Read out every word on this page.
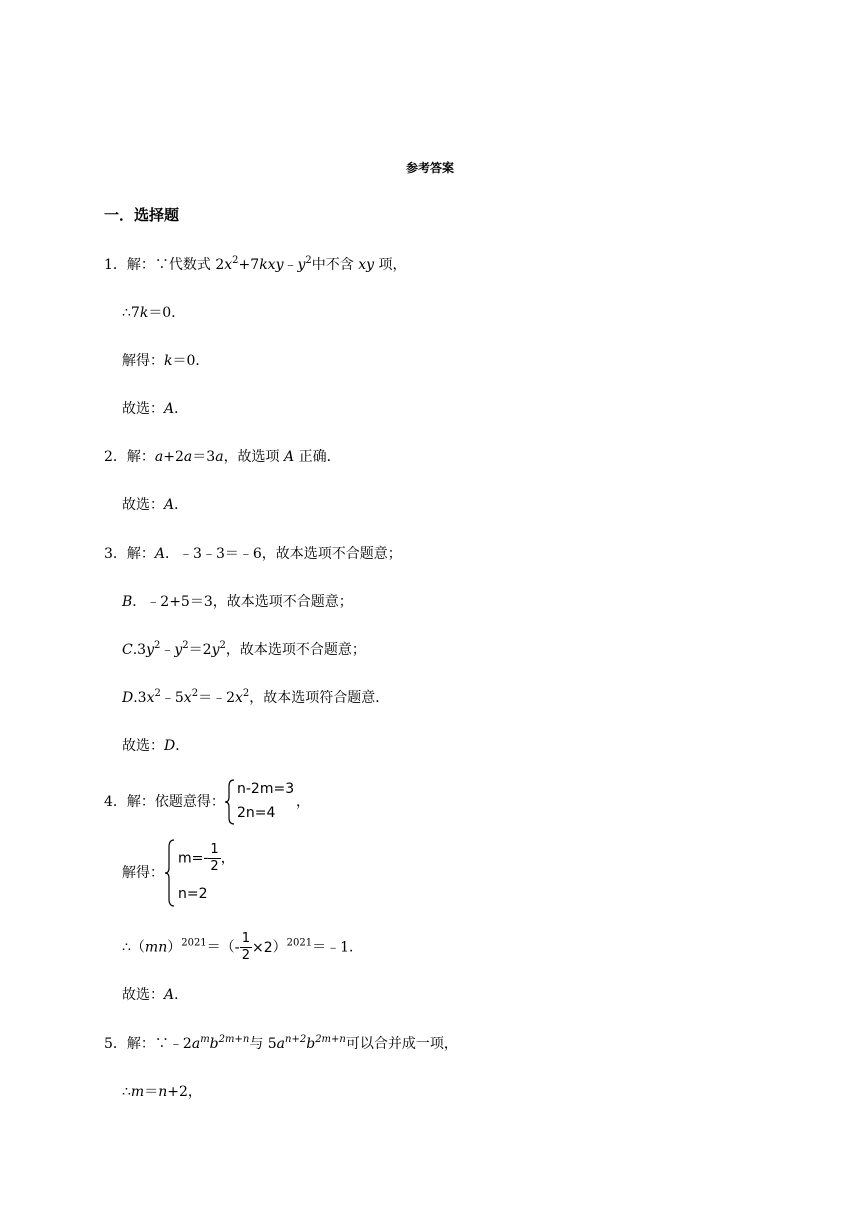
参考答案
一．选择题
1．解：∵代数式 $2x^2+7kxy﹣y^2$中不含 xy 项，
∴7k＝0．
解得：k＝0．
故选：A．
2．解：a+2a＝3a，故选项 A 正确．
故选：A．
3．解：A．﹣3﹣3＝﹣6，故本选项不合题意；
B．﹣2+5＝3，故本选项不合题意；
$C.3y^2﹣y^2=2y^2$，故本选项不合题意；
$D.3x^2﹣5x^2=﹣2x^2$，故本选项符合题意．
故选：D．
4．解：依题意得：
n-2m=3
2n=4
，
解得：
$m=- \frac{1}{2}$ ，
n=2
∴（mn）$^{2021}$＝（- $\frac{1}{2}$ ×2）$^{2021}$＝﹣1．
故选：A．
5．解：$\because﹣2a^mb^{2m+n}$与 $5a^{n+2}b^{2m+n}$可以合并成一项，
∴m＝n+2，
